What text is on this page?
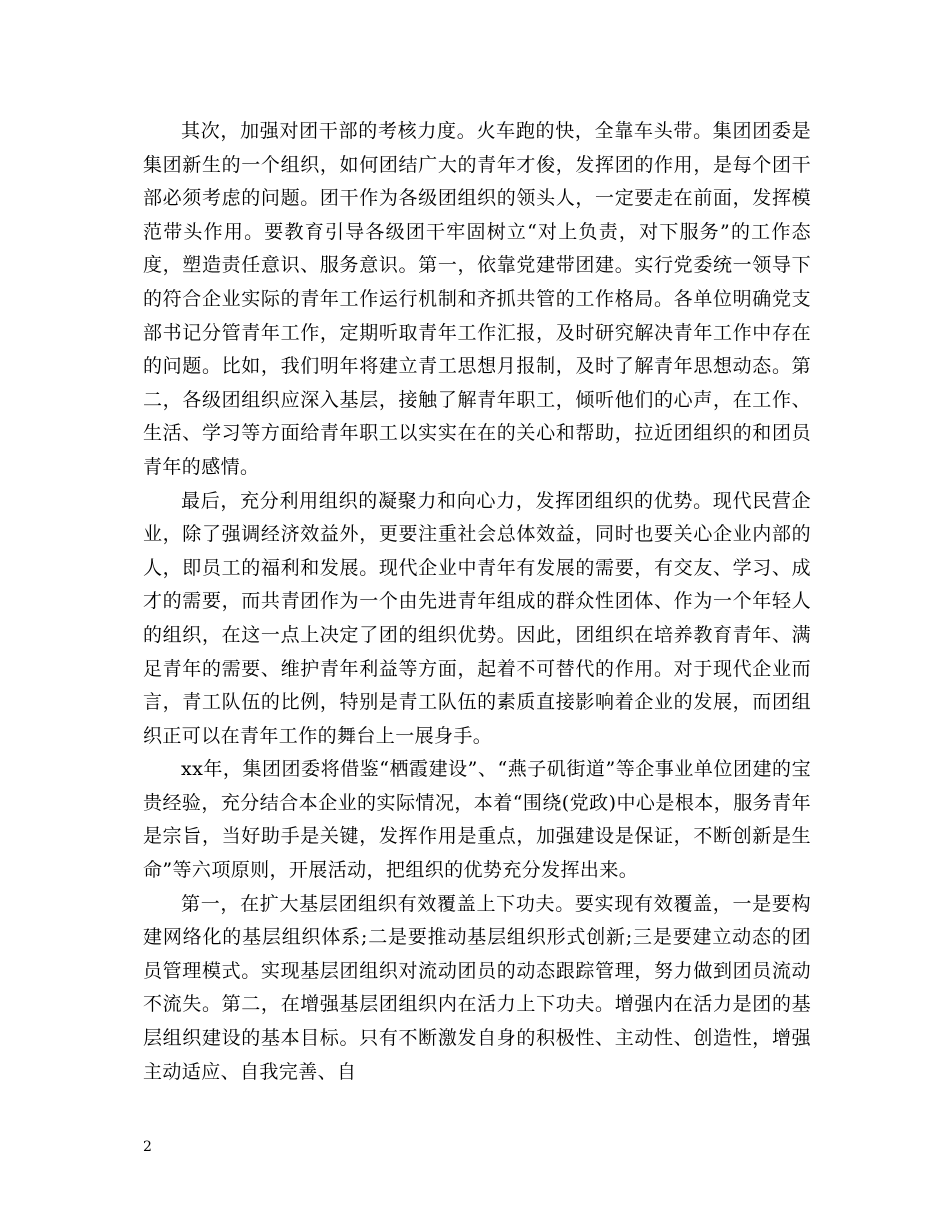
其次，加强对团干部的考核力度。火车跑的快，全靠车头带。集团团委是集团新生的一个组织，如何团结广大的青年才俊，发挥团的作用，是每个团干部必须考虑的问题。团干作为各级团组织的领头人，一定要走在前面，发挥模范带头作用。要教育引导各级团干牢固树立“对上负责，对下服务”的工作态度，塑造责任意识、服务意识。第一，依靠党建带团建。实行党委统一领导下的符合企业实际的青年工作运行机制和齐抓共管的工作格局。各单位明确党支部书记分管青年工作，定期听取青年工作汇报，及时研究解决青年工作中存在的问题。比如，我们明年将建立青工思想月报制，及时了解青年思想动态。第二，各级团组织应深入基层，接触了解青年职工，倾听他们的心声，在工作、生活、学习等方面给青年职工以实实在在的关心和帮助，拉近团组织的和团员青年的感情。

最后，充分利用组织的凝聚力和向心力，发挥团组织的优势。现代民营企业，除了强调经济效益外，更要注重社会总体效益，同时也要关心企业内部的人，即员工的福利和发展。现代企业中青年有发展的需要，有交友、学习、成才的需要，而共青团作为一个由先进青年组成的群众性团体、作为一个年轻人的组织，在这一点上决定了团的组织优势。因此，团组织在培养教育青年、满足青年的需要、维护青年利益等方面，起着不可替代的作用。对于现代企业而言，青工队伍的比例，特别是青工队伍的素质直接影响着企业的发展，而团组织正可以在青年工作的舞台上一展身手。

xx年，集团团委将借鉴“栖霞建设”、“燕子矶街道”等企事业单位团建的宝贵经验，充分结合本企业的实际情况，本着“围绕(党政)中心是根本，服务青年是宗旨，当好助手是关键，发挥作用是重点，加强建设是保证，不断创新是生命”等六项原则，开展活动，把组织的优势充分发挥出来。

第一，在扩大基层团组织有效覆盖上下功夫。要实现有效覆盖，一是要构建网络化的基层组织体系;二是要推动基层组织形式创新;三是要建立动态的团员管理模式。实现基层团组织对流动团员的动态跟踪管理，努力做到团员流动不流失。第二，在增强基层团组织内在活力上下功夫。增强内在活力是团的基层组织建设的基本目标。只有不断激发自身的积极性、主动性、创造性，增强主动适应、自我完善、自

2
